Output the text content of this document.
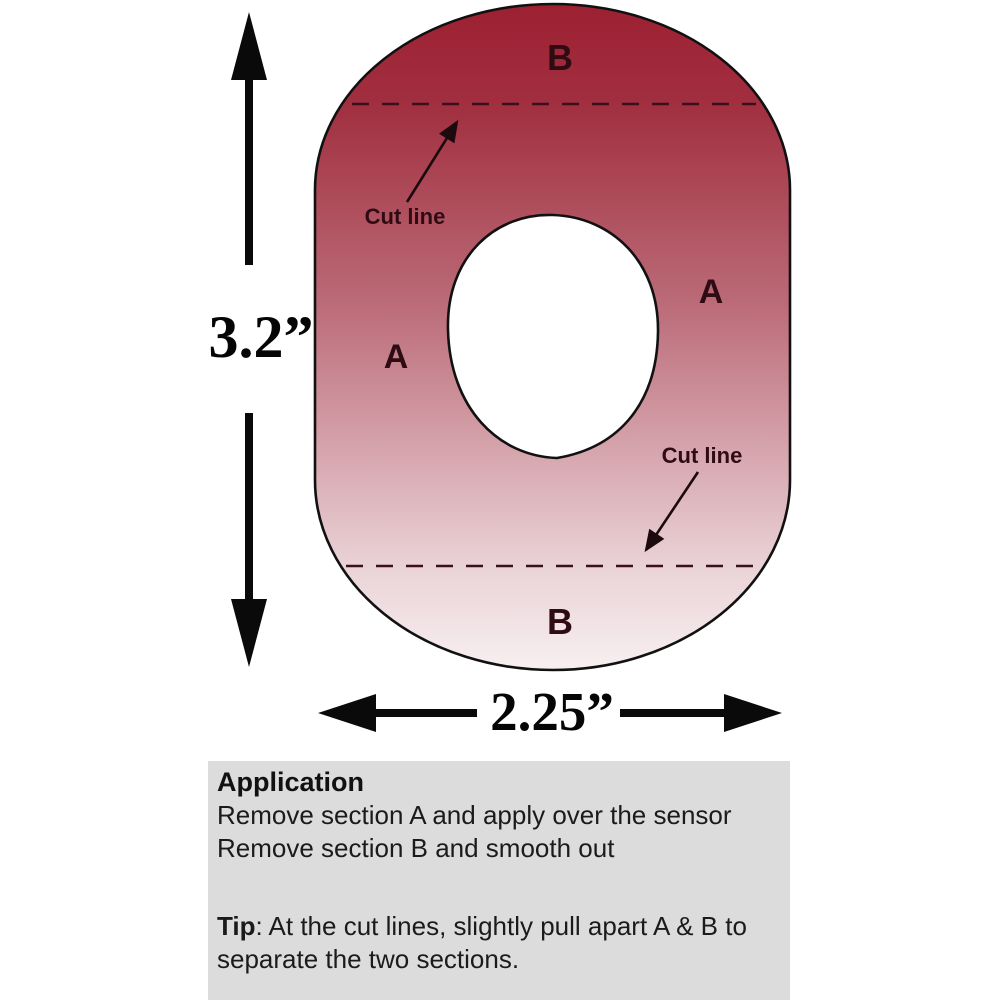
B
A
A
B
Cut line
Cut line
3.2”
2.25”
Application

Remove section A and apply over the sensor

Remove section B and smooth out

Tip: At the cut lines, slightly pull apart A & B to
separate the two sections.
